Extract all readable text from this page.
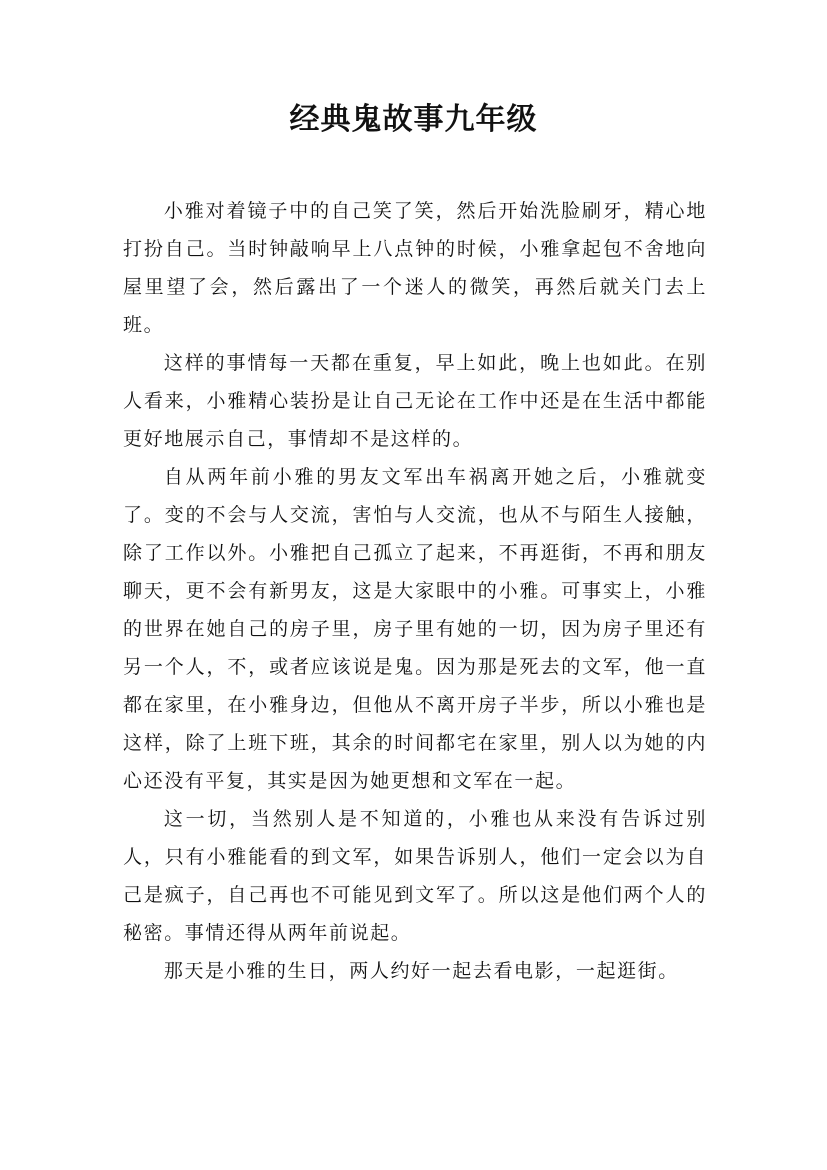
经典鬼故事九年级

小雅对着镜子中的自己笑了笑，然后开始洗脸刷牙，精心地打扮自己。当时钟敲响早上八点钟的时候，小雅拿起包不舍地向屋里望了会，然后露出了一个迷人的微笑，再然后就关门去上班。

这样的事情每一天都在重复，早上如此，晚上也如此。在别人看来，小雅精心装扮是让自己无论在工作中还是在生活中都能更好地展示自己，事情却不是这样的。

自从两年前小雅的男友文军出车祸离开她之后，小雅就变了。变的不会与人交流，害怕与人交流，也从不与陌生人接触，除了工作以外。小雅把自己孤立了起来，不再逛街，不再和朋友聊天，更不会有新男友，这是大家眼中的小雅。可事实上，小雅的世界在她自己的房子里，房子里有她的一切，因为房子里还有另一个人，不，或者应该说是鬼。因为那是死去的文军，他一直都在家里，在小雅身边，但他从不离开房子半步，所以小雅也是这样，除了上班下班，其余的时间都宅在家里，别人以为她的内心还没有平复，其实是因为她更想和文军在一起。

这一切，当然别人是不知道的，小雅也从来没有告诉过别人，只有小雅能看的到文军，如果告诉别人，他们一定会以为自己是疯子，自己再也不可能见到文军了。所以这是他们两个人的秘密。事情还得从两年前说起。

那天是小雅的生日，两人约好一起去看电影，一起逛街。
